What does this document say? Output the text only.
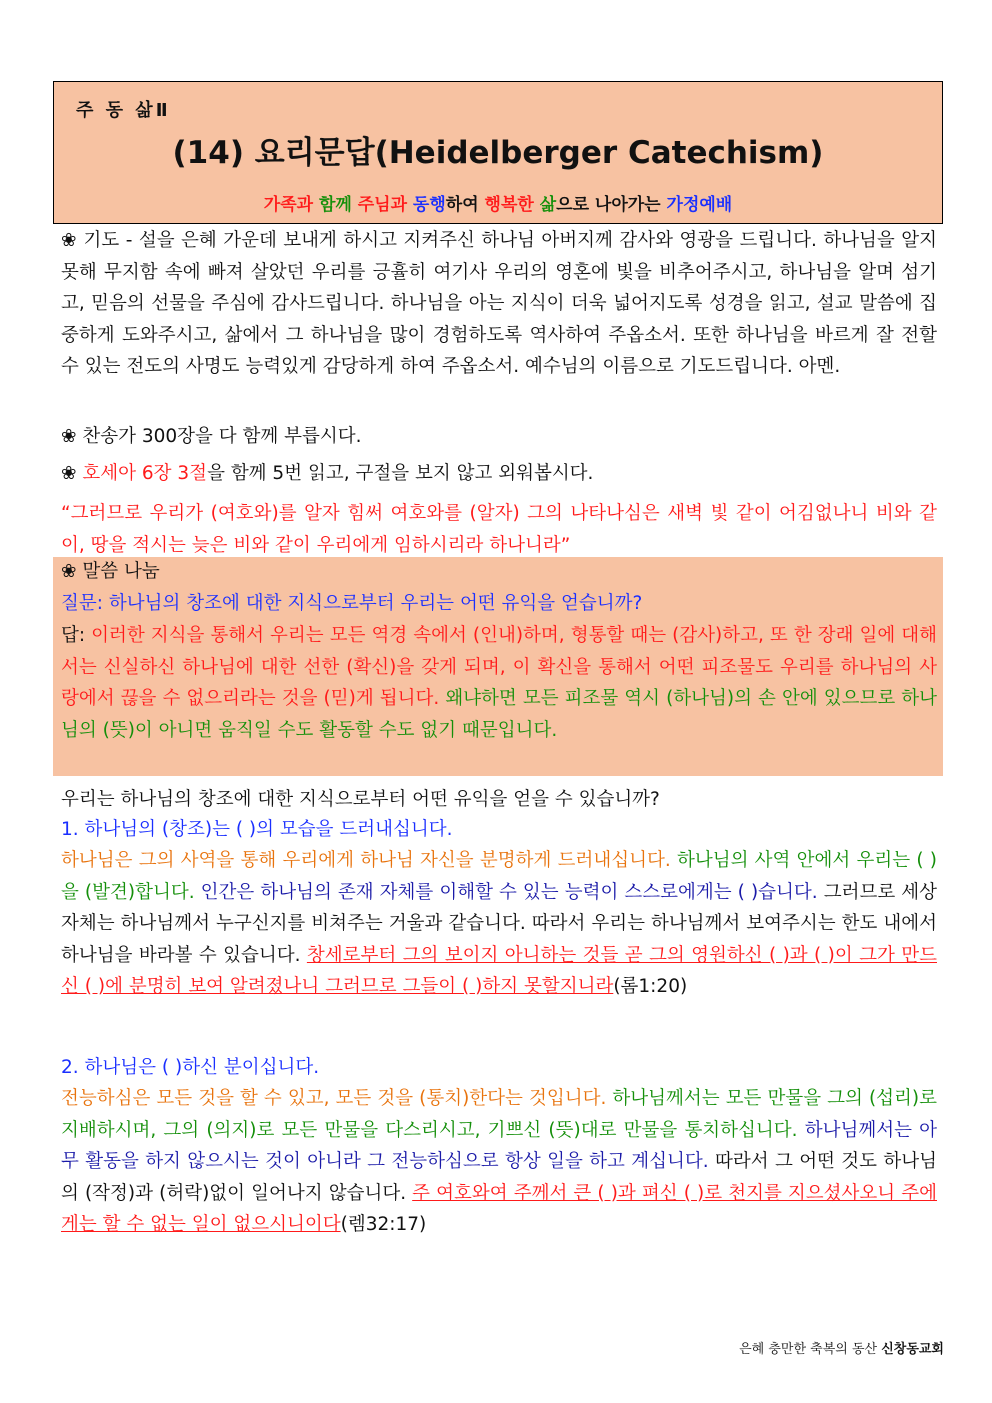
주 동 삶Ⅱ
(14) 요리문답(Heidelberger Catechism)
가족과 함께 주님과 동행하여 행복한 삶으로 나아가는 가정예배
❀ 기도 - 설을 은혜 가운데 보내게 하시고 지켜주신 하나님 아버지께 감사와 영광을 드립니다. 하나님을 알지 못해 무지함 속에 빠져 살았던 우리를 긍휼히 여기사 우리의 영혼에 빛을 비추어주시고, 하나님을 알며 섬기고, 믿음의 선물을 주심에 감사드립니다. 하나님을 아는 지식이 더욱 넓어지도록 성경을 읽고, 설교 말씀에 집중하게 도와주시고, 삶에서 그 하나님을 많이 경험하도록 역사하여 주옵소서. 또한 하나님을 바르게 잘 전할 수 있는 전도의 사명도 능력있게 감당하게 하여 주옵소서. 예수님의 이름으로 기도드립니다. 아멘.
❀ 찬송가 300장을 다 함께 부릅시다.
❀ 호세아 6장 3절을 함께 5번 읽고, 구절을 보지 않고 외워봅시다.
“그러므로 우리가 (여호와)를 알자 힘써 여호와를 (알자) 그의 나타나심은 새벽 빛 같이 어김없나니 비와 같이, 땅을 적시는 늦은 비와 같이 우리에게 임하시리라 하나니라”
❀ 말씀 나눔
질문: 하나님의 창조에 대한 지식으로부터 우리는 어떤 유익을 얻습니까?
답: 이러한 지식을 통해서 우리는 모든 역경 속에서 (인내)하며, 형통할 때는 (감사)하고, 또 한 장래 일에 대해서는 신실하신 하나님에 대한 선한 (확신)을 갖게 되며, 이 확신을 통해서 어떤 피조물도 우리를 하나님의 사랑에서 끊을 수 없으리라는 것을 (믿)게 됩니다. 왜냐하면 모든 피조물 역시 (하나님)의 손 안에 있으므로 하나님의 (뜻)이 아니면 움직일 수도 활동할 수도 없기 때문입니다.
우리는 하나님의 창조에 대한 지식으로부터 어떤 유익을 얻을 수 있습니까?
1. 하나님의 (창조)는 ( )의 모습을 드러내십니다.
하나님은 그의 사역을 통해 우리에게 하나님 자신을 분명하게 드러내십니다. 하나님의 사역 안에서 우리는 ( )을 (발견)합니다. 인간은 하나님의 존재 자체를 이해할 수 있는 능력이 스스로에게는 ( )습니다. 그러므로 세상 자체는 하나님께서 누구신지를 비쳐주는 거울과 같습니다. 따라서 우리는 하나님께서 보여주시는 한도 내에서 하나님을 바라볼 수 있습니다. 창세로부터 그의 보이지 아니하는 것들 곧 그의 영원하신 ( )과 ( )이 그가 만드신 ( )에 분명히 보여 알려졌나니 그러므로 그들이 ( )하지 못할지니라(롬1:20)
2. 하나님은 ( )하신 분이십니다.
전능하심은 모든 것을 할 수 있고, 모든 것을 (통치)한다는 것입니다. 하나님께서는 모든 만물을 그의 (섭리)로 지배하시며, 그의 (의지)로 모든 만물을 다스리시고, 기쁘신 (뜻)대로 만물을 통치하십니다. 하나님께서는 아무 활동을 하지 않으시는 것이 아니라 그 전능하심으로 항상 일을 하고 계십니다. 따라서 그 어떤 것도 하나님의 (작정)과 (허락)없이 일어나지 않습니다. 주 여호와여 주께서 큰 ( )과 펴신 ( )로 천지를 지으셨사오니 주에게는 할 수 없는 일이 없으시니이다(렘32:17)
은혜 충만한 축복의 동산 신창동교회
